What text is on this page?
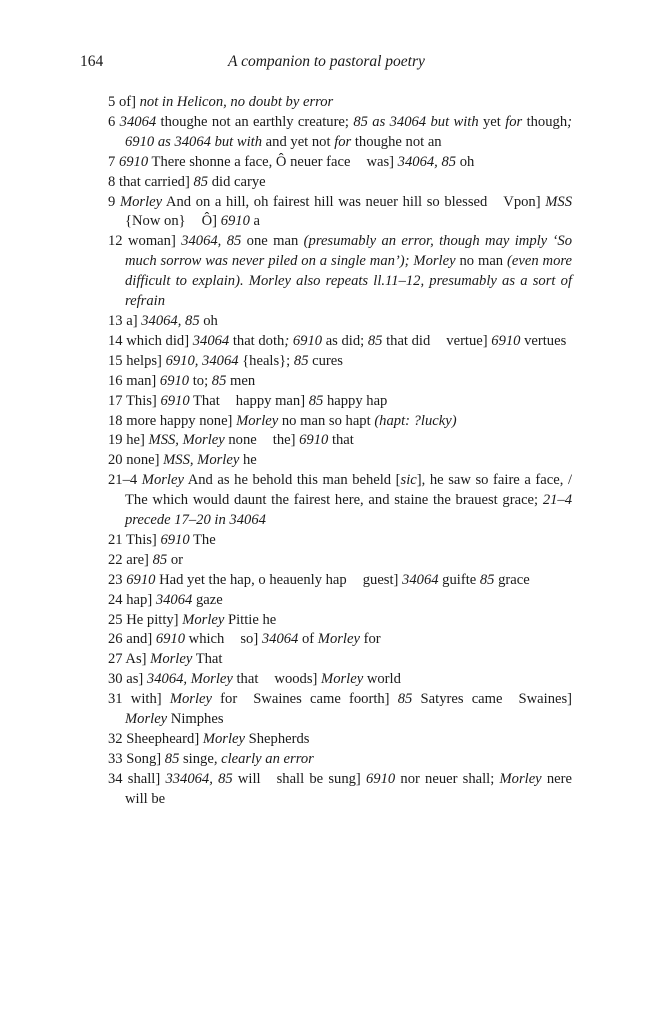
164	A companion to pastoral poetry
5 of] not in Helicon, no doubt by error
6 34064 thoughe not an earthly creature; 85 as 34064 but with yet for though; 6910 as 34064 but with and yet not for thoughe not an
7 6910 There shonne a face, Ô neuer face was] 34064, 85 oh
8 that carried] 85 did carye
9 Morley And on a hill, oh fairest hill was neuer hill so blessed Vpon] MSS {Now on} Ô] 6910 a
12 woman] 34064, 85 one man (presumably an error, though may imply ‘So much sorrow was never piled on a single man’); Morley no man (even more difficult to explain). Morley also repeats ll.11–12, presumably as a sort of refrain
13 a] 34064, 85 oh
14 which did] 34064 that doth; 6910 as did; 85 that did vertue] 6910 vertues
15 helps] 6910, 34064 {heals}; 85 cures
16 man] 6910 to; 85 men
17 This] 6910 That happy man] 85 happy hap
18 more happy none] Morley no man so hapt (hapt: ?lucky)
19 he] MSS, Morley none the] 6910 that
20 none] MSS, Morley he
21–4 Morley And as he behold this man beheld [sic], he saw so faire a face, / The which would daunt the fairest here, and staine the brauest grace; 21–4 precede 17–20 in 34064
21 This] 6910 The
22 are] 85 or
23 6910 Had yet the hap, o heauenly hap guest] 34064 guifte 85 grace
24 hap] 34064 gaze
25 He pitty] Morley Pittie he
26 and] 6910 which so] 34064 of Morley for
27 As] Morley That
30 as] 34064, Morley that woods] Morley world
31 with] Morley for Swaines came foorth] 85 Satyres came Swaines] Morley Nimphes
32 Sheepheard] Morley Shepherds
33 Song] 85 singe, clearly an error
34 shall] 334064, 85 will shall be sung] 6910 nor neuer shall; Morley nere will be
